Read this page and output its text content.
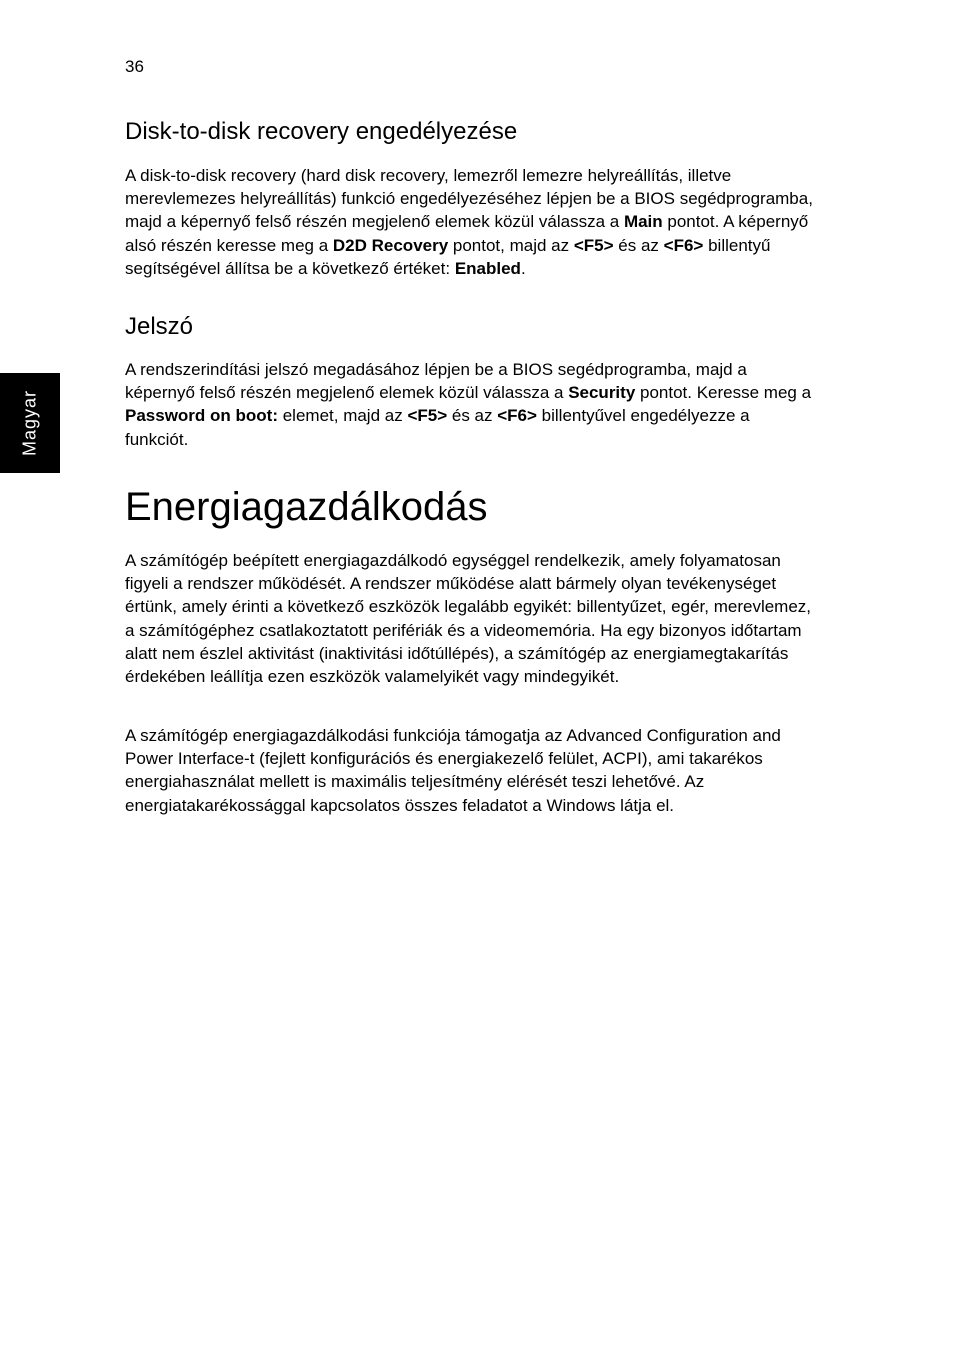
36
Magyar
Disk-to-disk recovery engedélyezése

A disk-to-disk recovery (hard disk recovery, lemezről lemezre helyreállítás, illetve merevlemezes helyreállítás) funkció engedélyezéséhez lépjen be a BIOS segédprogramba, majd a képernyő felső részén megjelenő elemek közül válassza a Main pontot. A képernyő alsó részén keresse meg a D2D Recovery pontot, majd az <F5> és az <F6> billentyű segítségével állítsa be a következő értéket: Enabled.

Jelszó

A rendszerindítási jelszó megadásához lépjen be a BIOS segédprogramba, majd a képernyő felső részén megjelenő elemek közül válassza a Security pontot. Keresse meg a Password on boot: elemet, majd az <F5> és az <F6> billentyűvel engedélyezze a funkciót.

Energiagazdálkodás

A számítógép beépített energiagazdálkodó egységgel rendelkezik, amely folyamatosan figyeli a rendszer működését. A rendszer működése alatt bármely olyan tevékenységet értünk, amely érinti a következő eszközök legalább egyikét: billentyűzet, egér, merevlemez, a számítógéphez csatlakoztatott perifériák és a videomemória. Ha egy bizonyos időtartam alatt nem észlel aktivitást (inaktivitási időtúllépés), a számítógép az energiamegtakarítás érdekében leállítja ezen eszközök valamelyikét vagy mindegyikét.

A számítógép energiagazdálkodási funkciója támogatja az Advanced Configuration and Power Interface-t (fejlett konfigurációs és energiakezelő felület, ACPI), ami takarékos energiahasználat mellett is maximális teljesítmény elérését teszi lehetővé. Az energiatakarékossággal kapcsolatos összes feladatot a Windows látja el.
